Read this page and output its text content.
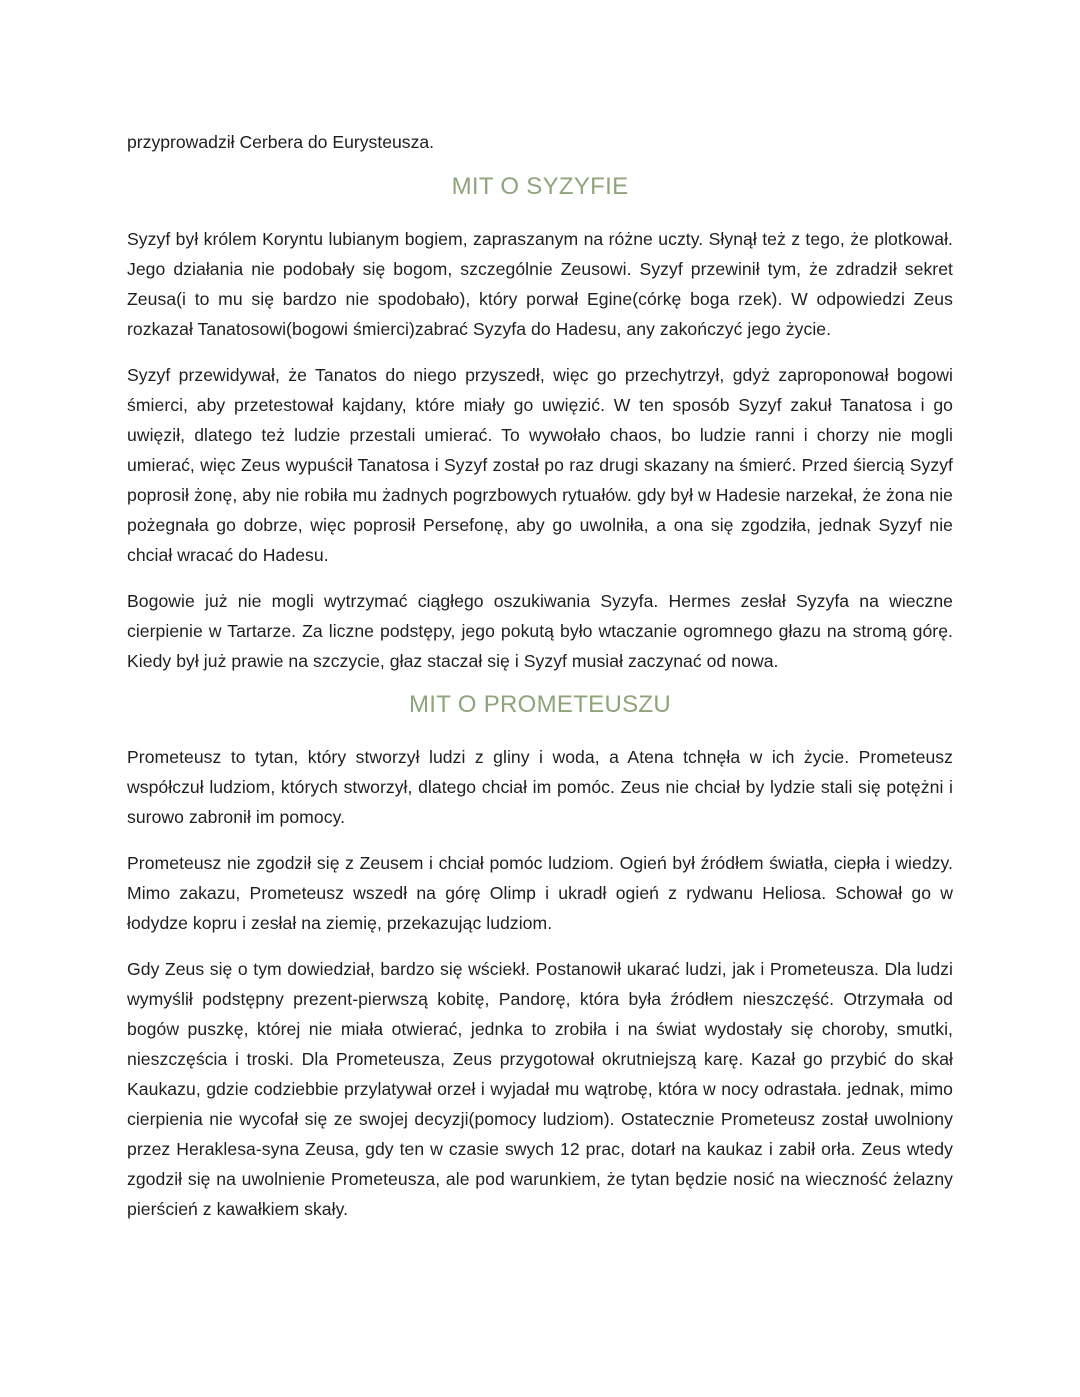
przyprowadził Cerbera do Eurysteusza.

MIT O SYZYFIE

Syzyf był królem Koryntu lubianym bogiem, zapraszanym na różne uczty. Słynął też z tego, że plotkował. Jego działania nie podobały się bogom, szczególnie Zeusowi. Syzyf przewinił tym, że zdradził sekret Zeusa(i to mu się bardzo nie spodobało), który porwał Egine(córkę boga rzek). W odpowiedzi Zeus rozkazał Tanatosowi(bogowi śmierci)zabrać Syzyfa do Hadesu, any zakończyć jego życie.

Syzyf przewidywał, że Tanatos do niego przyszedł, więc go przechytrzył, gdyż zaproponował bogowi śmierci, aby przetestował kajdany, które miały go uwięzić. W ten sposób Syzyf zakuł Tanatosa i go uwięził, dlatego też ludzie przestali umierać. To wywołało chaos, bo ludzie ranni i chorzy nie mogli umierać, więc Zeus wypuścił Tanatosa i Syzyf został po raz drugi skazany na śmierć. Przed śiercią Syzyf poprosił żonę, aby nie robiła mu żadnych pogrzbowych rytuałów. gdy był w Hadesie narzekał, że żona nie pożegnała go dobrze, więc poprosił Persefonę, aby go uwolniła, a ona się zgodziła, jednak Syzyf nie chciał wracać do Hadesu.

Bogowie już nie mogli wytrzymać ciągłego oszukiwania Syzyfa. Hermes zesłał Syzyfa na wieczne cierpienie w Tartarze. Za liczne podstępy, jego pokutą było wtaczanie ogromnego głazu na stromą górę. Kiedy był już prawie na szczycie, głaz staczał się i Syzyf musiał zaczynać od nowa.

MIT O PROMETEUSZU

Prometeusz to tytan, który stworzył ludzi z gliny i woda, a Atena tchnęła w ich życie. Prometeusz współczuł ludziom, których stworzył, dlatego chciał im pomóc. Zeus nie chciał by lydzie stali się potężni i surowo zabronił im pomocy.

Prometeusz nie zgodził się z Zeusem i chciał pomóc ludziom. Ogień był źródłem światła, ciepła i wiedzy. Mimo zakazu, Prometeusz wszedł na górę Olimp i ukradł ogień z rydwanu Heliosa. Schował go w łodydze kopru i zesłał na ziemię, przekazując ludziom.

Gdy Zeus się o tym dowiedział, bardzo się wściekł. Postanowił ukarać ludzi, jak i Prometeusza. Dla ludzi wymyślił podstępny prezent-pierwszą kobitę, Pandorę, która była źródłem nieszczęść. Otrzymała od bogów puszkę, której nie miała otwierać, jednka to zrobiła i na świat wydostały się choroby, smutki, nieszczęścia i troski. Dla Prometeusza, Zeus przygotował okrutniejszą karę. Kazał go przybić do skał Kaukazu, gdzie codziebbie przylatywał orzeł i wyjadał mu wątrobę, która w nocy odrastała. jednak, mimo cierpienia nie wycofał się ze swojej decyzji(pomocy ludziom). Ostatecznie Prometeusz został uwolniony przez Heraklesa-syna Zeusa, gdy ten w czasie swych 12 prac, dotarł na kaukaz i zabił orła. Zeus wtedy zgodził się na uwolnienie Prometeusza, ale pod warunkiem, że tytan będzie nosić na wieczność żelazny pierścień z kawałkiem skały.
